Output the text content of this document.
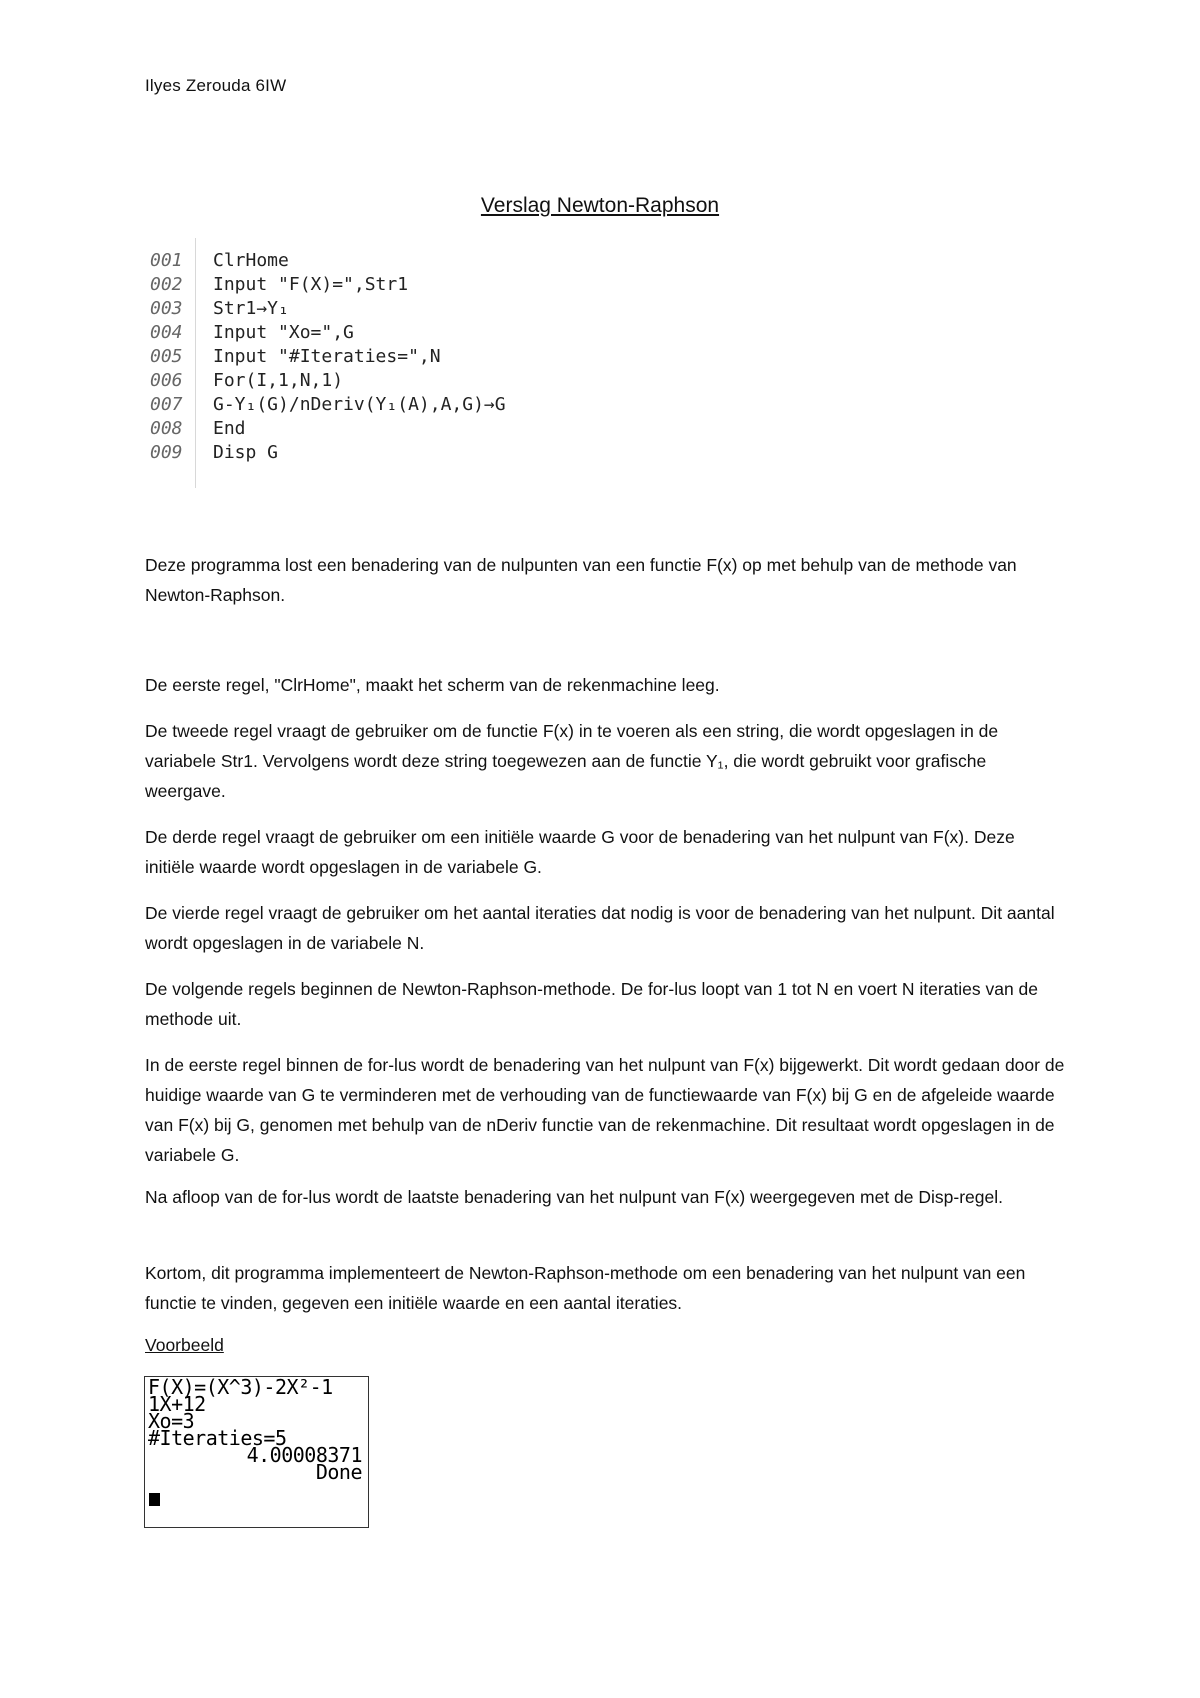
Ilyes Zerouda 6IW
Verslag Newton-Raphson
001	ClrHome
002	Input "F(X)=",Str1
003	Str1→Y₁
004	Input "Xo=",G
005	Input "#Iteraties=",N
006	For(I,1,N,1)
007	G-Y₁(G)/nDeriv(Y₁(A),A,G)→G
008	End
009	Disp G
Deze programma lost een benadering van de nulpunten van een functie F(x) op met behulp van de methode van Newton-Raphson.
De eerste regel, "ClrHome", maakt het scherm van de rekenmachine leeg.
De tweede regel vraagt de gebruiker om de functie F(x) in te voeren als een string, die wordt opgeslagen in de variabele Str1. Vervolgens wordt deze string toegewezen aan de functie Y₁, die wordt gebruikt voor grafische weergave.
De derde regel vraagt de gebruiker om een initiële waarde G voor de benadering van het nulpunt van F(x). Deze initiële waarde wordt opgeslagen in de variabele G.
De vierde regel vraagt de gebruiker om het aantal iteraties dat nodig is voor de benadering van het nulpunt. Dit aantal wordt opgeslagen in de variabele N.
De volgende regels beginnen de Newton-Raphson-methode. De for-lus loopt van 1 tot N en voert N iteraties van de methode uit.
In de eerste regel binnen de for-lus wordt de benadering van het nulpunt van F(x) bijgewerkt. Dit wordt gedaan door de huidige waarde van G te verminderen met de verhouding van de functiewaarde van F(x) bij G en de afgeleide waarde van F(x) bij G, genomen met behulp van de nDeriv functie van de rekenmachine. Dit resultaat wordt opgeslagen in de variabele G.
Na afloop van de for-lus wordt de laatste benadering van het nulpunt van F(x) weergegeven met de Disp-regel.
Kortom, dit programma implementeert de Newton-Raphson-methode om een benadering van het nulpunt van een functie te vinden, gegeven een initiële waarde en een aantal iteraties.
Voorbeeld
F(X)=(X^3)-2X²-1
1X+12
Xo=3
#Iteraties=5
4.00008371
Done
